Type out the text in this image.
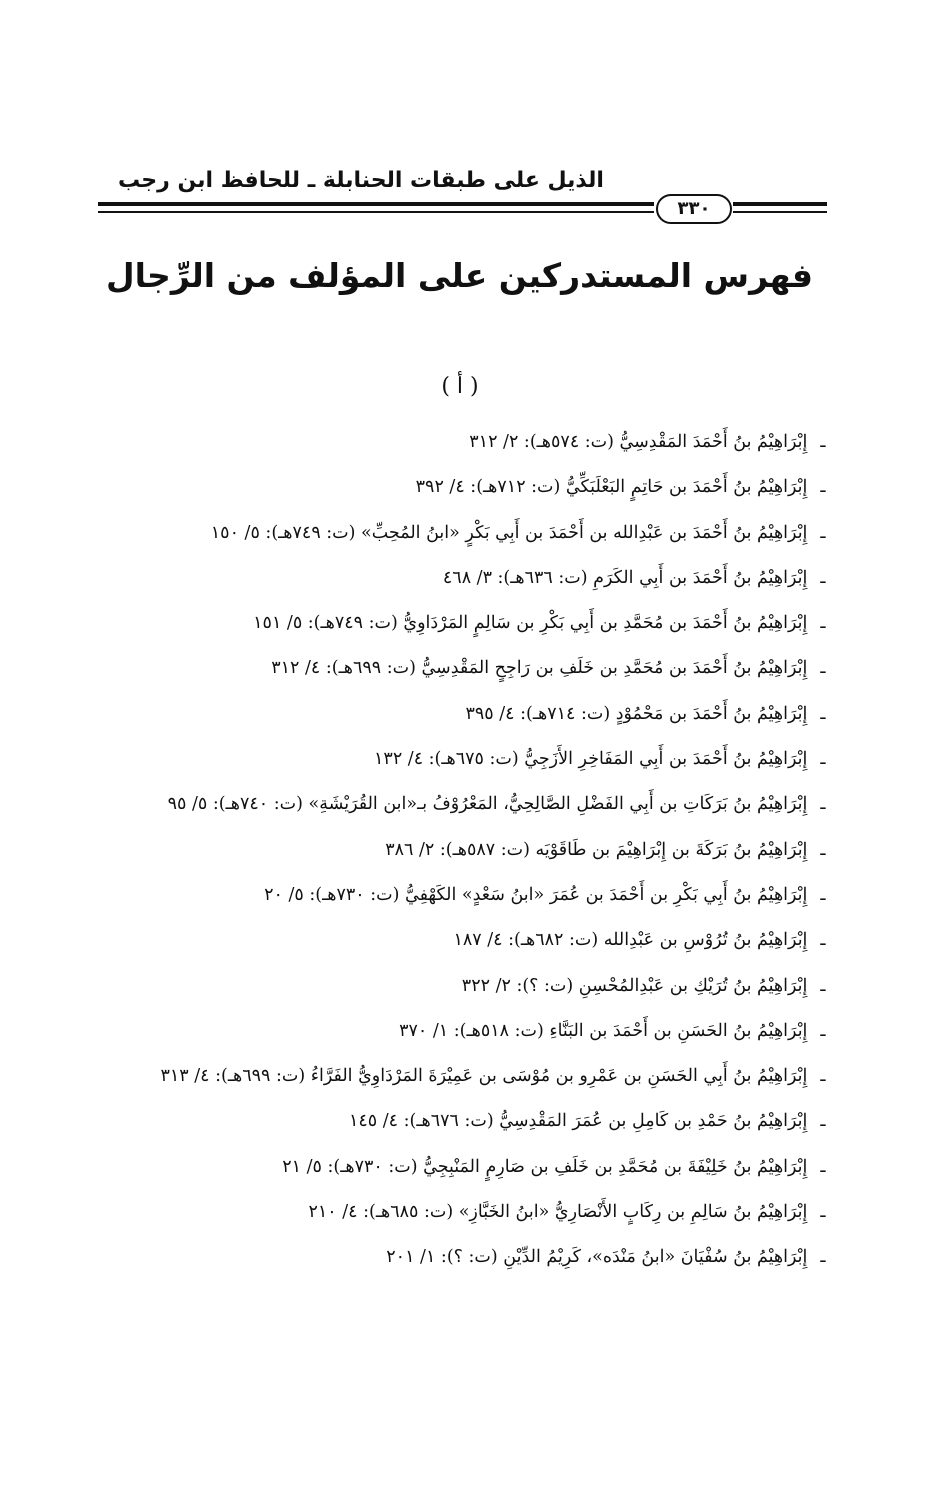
الذيل على طبقات الحنابلة ـ للحافظ ابن رجب
٣٣٠
فهرس المستدركين على المؤلف من الرِّجال
( أ )
ـ إِبْرَاهِيْمُ بنُ أَحْمَدَ المَقْدِسِيُّ (ت: ٥٧٤هـ): ٢/ ٣١٢
ـ إِبْرَاهِيْمُ بنُ أَحْمَدَ بن حَاتِمٍ البَعْلَبَكِّيُّ (ت: ٧١٢هـ): ٤/ ٣٩٢
ـ إِبْرَاهِيْمُ بنُ أَحْمَدَ بن عَبْدِالله بن أَحْمَدَ بن أَبِي بَكْرٍ «ابنُ المُحِبِّ» (ت: ٧٤٩هـ): ٥/ ١٥٠
ـ إِبْرَاهِيْمُ بنُ أَحْمَدَ بن أَبِي الكَرَمِ (ت: ٦٣٦هـ): ٣/ ٤٦٨
ـ إِبْرَاهِيْمُ بنُ أَحْمَدَ بن مُحَمَّدِ بن أَبِي بَكْرِ بن سَالِمٍ المَرْدَاوِيُّ (ت: ٧٤٩هـ): ٥/ ١٥١
ـ إِبْرَاهِيْمُ بنُ أَحْمَدَ بن مُحَمَّدِ بن خَلَفِ بن رَاجِحٍ المَقْدِسِيُّ (ت: ٦٩٩هـ): ٤/ ٣١٢
ـ إِبْرَاهِيْمُ بنُ أَحْمَدَ بن مَحْمُوْدٍ (ت: ٧١٤هـ): ٤/ ٣٩٥
ـ إِبْرَاهِيْمُ بنُ أَحْمَدَ بن أَبِي المَفَاخِرِ الأَزَجِيُّ (ت: ٦٧٥هـ): ٤/ ١٣٢
ـ إِبْرَاهِيْمُ بنُ بَرَكَاتِ بن أَبِي الفَضْلِ الصَّالِحِيُّ، المَعْرُوْفُ بـ«ابن القُرَيْشَةِ» (ت: ٧٤٠هـ): ٥/ ٩٥
ـ إِبْرَاهِيْمُ بنُ بَرَكَةَ بن إِبْرَاهِيْمَ بن طَاقَوْيَه (ت: ٥٨٧هـ): ٢/ ٣٨٦
ـ إِبْرَاهِيْمُ بنُ أَبِي بَكْرِ بن أَحْمَدَ بن عُمَرَ «ابنُ سَعْدٍ» الكَهْفِيُّ (ت: ٧٣٠هـ): ٥/ ٢٠
ـ إِبْرَاهِيْمُ بنُ تُرُوْسِ بن عَبْدِالله (ت: ٦٨٢هـ): ٤/ ١٨٧
ـ إِبْرَاهِيْمُ بنُ تُرَيْكِ بن عَبْدِالمُحْسِنِ (ت: ؟): ٢/ ٣٢٢
ـ إِبْرَاهِيْمُ بنُ الحَسَنِ بن أَحْمَدَ بن البَنَّاءِ (ت: ٥١٨هـ): ١/ ٣٧٠
ـ إِبْرَاهِيْمُ بنُ أَبِي الحَسَنِ بن عَمْرِو بن مُوْسَى بن عَمِيْرَةَ المَرْدَاوِيُّ الفَرَّاءُ (ت: ٦٩٩هـ): ٤/ ٣١٣
ـ إِبْرَاهِيْمُ بنُ حَمْدِ بن كَامِلِ بن عُمَرَ المَقْدِسِيُّ (ت: ٦٧٦هـ): ٤/ ١٤٥
ـ إِبْرَاهِيْمُ بنُ خَلِيْفَةَ بن مُحَمَّدِ بن خَلَفِ بن صَارِمٍ المَنْبِجِيُّ (ت: ٧٣٠هـ): ٥/ ٢١
ـ إِبْرَاهِيْمُ بنُ سَالِمِ بن رِكَابٍ الأَنْصَارِيُّ «ابنُ الخَبَّازِ» (ت: ٦٨٥هـ): ٤/ ٢١٠
ـ إِبْرَاهِيْمُ بنُ سُفْيَانَ «ابنُ مَنْدَه»، كَرِيْمُ الدِّيْنِ (ت: ؟): ١/ ٢٠١
